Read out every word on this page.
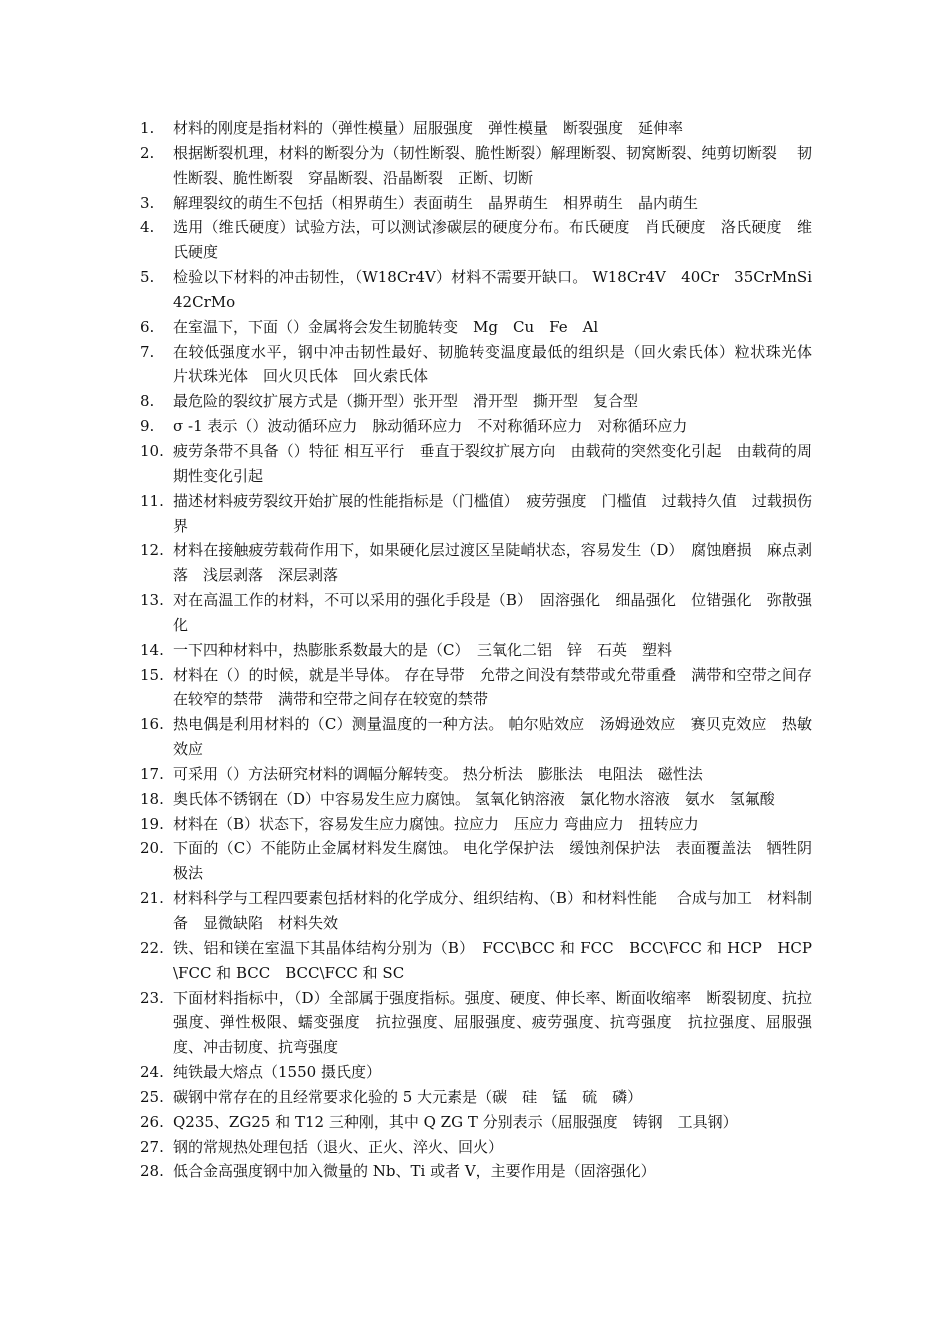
1.	材料的刚度是指材料的（弹性模量）屈服强度　弹性模量　断裂强度　延伸率
2.	根据断裂机理，材料的断裂分为（韧性断裂、脆性断裂）解理断裂、韧窝断裂、纯剪切断裂　 韧性断裂、脆性断裂　穿晶断裂、沿晶断裂　正断、切断
3.	解理裂纹的萌生不包括（相界萌生）表面萌生　晶界萌生　相界萌生　晶内萌生
4.	选用（维氏硬度）试验方法，可以测试渗碳层的硬度分布。布氏硬度　肖氏硬度　洛氏硬度　维氏硬度
5.	检验以下材料的冲击韧性，（W18Cr4V）材料不需要开缺口。 W18Cr4V　40Cr　35CrMnSi　42CrMo
6.	在室温下，下面（）金属将会发生韧脆转变　Mg　Cu　Fe　Al
7.	在较低强度水平，钢中冲击韧性最好、韧脆转变温度最低的组织是（回火索氏体）粒状珠光体　片状珠光体　回火贝氏体　回火索氏体
8.	最危险的裂纹扩展方式是（撕开型）张开型　滑开型　撕开型　复合型
9.	σ -1 表示（）波动循环应力　脉动循环应力　不对称循环应力　对称循环应力
10. 疲劳条带不具备（）特征 相互平行　垂直于裂纹扩展方向　由载荷的突然变化引起　由载荷的周期性变化引起
11. 描述材料疲劳裂纹开始扩展的性能指标是（门槛值）　疲劳强度　门槛值　过载持久值　过载损伤界
12. 材料在接触疲劳载荷作用下，如果硬化层过渡区呈陡峭状态，容易发生（D）　腐蚀磨损　麻点剥落　浅层剥落　深层剥落
13. 对在高温工作的材料，不可以采用的强化手段是（B）　固溶强化　细晶强化　位错强化　弥散强化
14. 一下四种材料中，热膨胀系数最大的是（C）　三氧化二铝　锌　石英　塑料
15. 材料在（）的时候，就是半导体。 存在导带　允带之间没有禁带或允带重叠　满带和空带之间存在较窄的禁带　满带和空带之间存在较宽的禁带
16. 热电偶是利用材料的（C）测量温度的一种方法。 帕尔贴效应　汤姆逊效应　赛贝克效应　热敏效应
17. 可采用（）方法研究材料的调幅分解转变。 热分析法　膨胀法　电阻法　磁性法
18. 奥氏体不锈钢在（D）中容易发生应力腐蚀。 氢氧化钠溶液　氯化物水溶液　氨水　氢氟酸
19. 材料在（B）状态下，容易发生应力腐蚀。拉应力　压应力 弯曲应力　扭转应力
20. 下面的（C）不能防止金属材料发生腐蚀。 电化学保护法　缓蚀剂保护法　表面覆盖法　牺牲阴极法
21. 材料科学与工程四要素包括材料的化学成分、组织结构、（B）和材料性能　 合成与加工　材料制备　显微缺陷　材料失效
22. 铁、铝和镁在室温下其晶体结构分别为（B）　FCC\BCC 和 FCC　BCC\FCC 和 HCP　HCP\FCC 和 BCC　BCC\FCC 和 SC
23. 下面材料指标中，（D）全部属于强度指标。强度、硬度、伸长率、断面收缩率　断裂韧度、抗拉强度、弹性极限、蠕变强度　抗拉强度、屈服强度、疲劳强度、抗弯强度　抗拉强度、屈服强度、冲击韧度、抗弯强度
24. 纯铁最大熔点（1550 摄氏度）
25. 碳钢中常存在的且经常要求化验的 5 大元素是（碳　硅　锰　硫　磷）
26. Q235、ZG25 和 T12 三种刚，其中 Q ZG T 分别表示（屈服强度　铸钢　工具钢）
27. 钢的常规热处理包括（退火、正火、淬火、回火）
28. 低合金高强度钢中加入微量的 Nb、Ti 或者 V，主要作用是（固溶强化）
